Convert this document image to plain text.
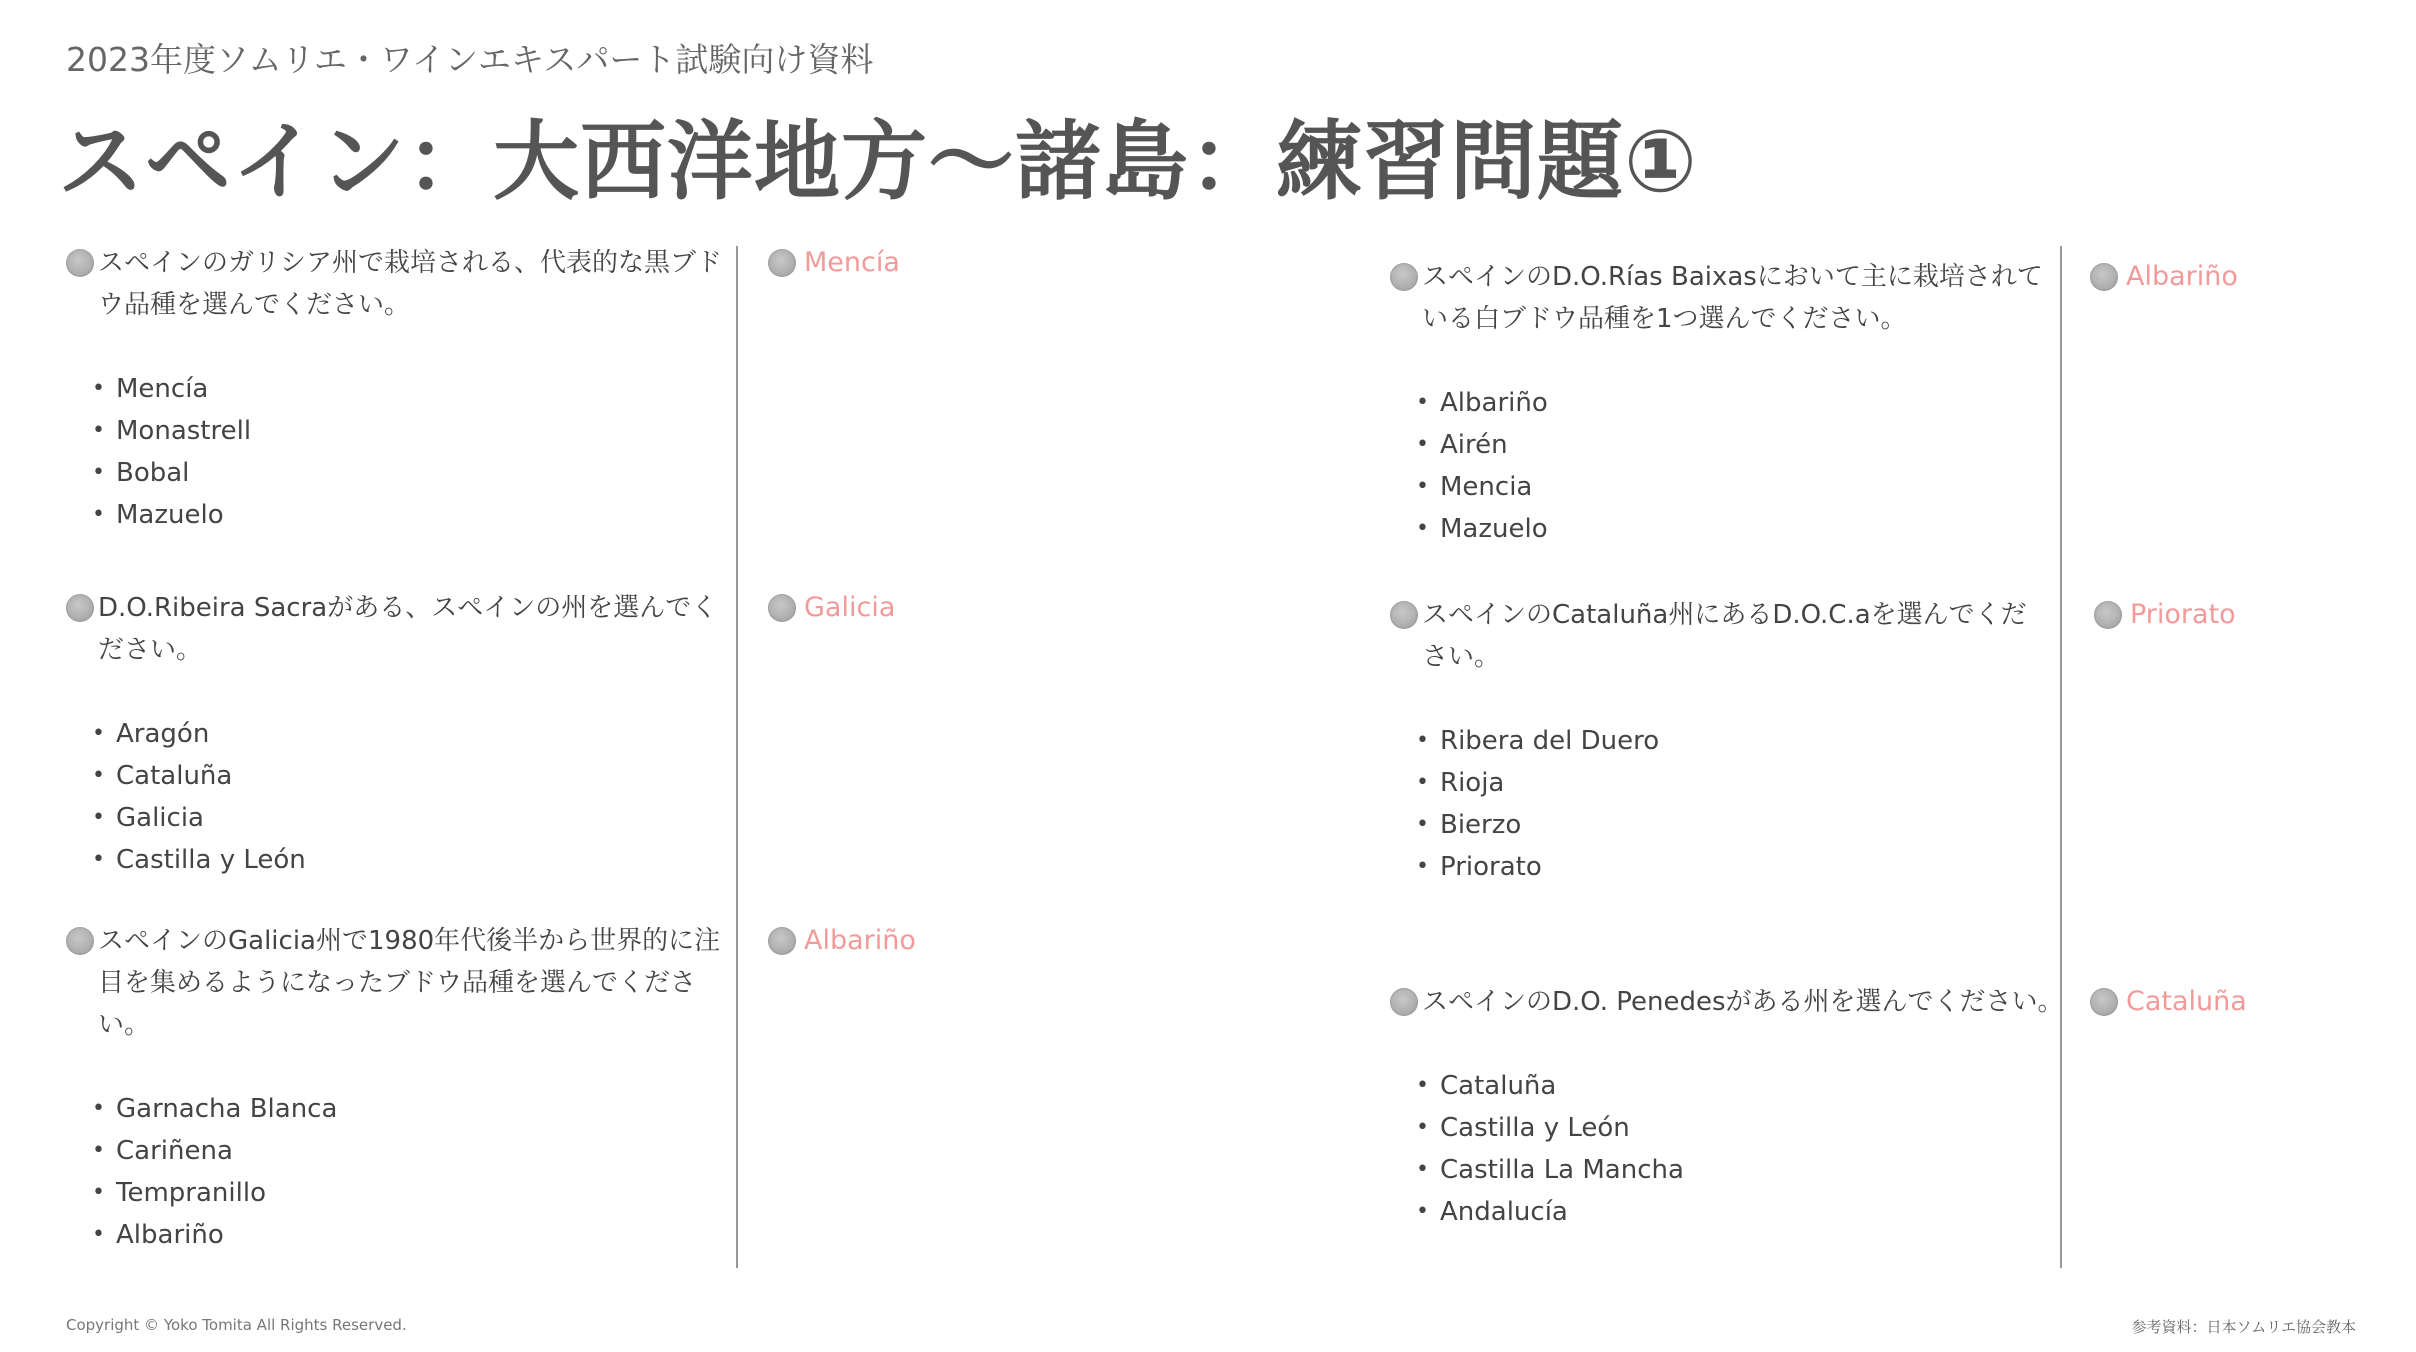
2023年度ソムリエ・ワインエキスパート試験向け資料
スペイン：大西洋地方〜諸島：練習問題①
スペインのガリシア州で栽培される、代表的な黒ブドウ品種を選んでください。
• Mencía
• Monastrell
• Bobal
• Mazuelo
Mencía
D.O.Ribeira Sacraがある、スペインの州を選んでください。
• Aragón
• Cataluña
• Galicia
• Castilla y León
Galicia
スペインのGalicia州で1980年代後半から世界的に注目を集めるようになったブドウ品種を選んでください。
• Garnacha Blanca
• Cariñena
• Tempranillo
• Albariño
Albariño
スペインのD.O.Rías Baixasにおいて主に栽培されている白ブドウ品種を1つ選んでください。
• Albariño
• Airén
• Mencia
• Mazuelo
Albariño
スペインのCataluña州にあるD.O.C.aを選んでください。
• Ribera del Duero
• Rioja
• Bierzo
• Priorato
Priorato
スペインのD.O. Penedesがある州を選んでください。
• Cataluña
• Castilla y León
• Castilla La Mancha
• Andalucía
Cataluña
Copyright © Yoko Tomita All Rights Reserved.	参考資料：日本ソムリエ協会教本
